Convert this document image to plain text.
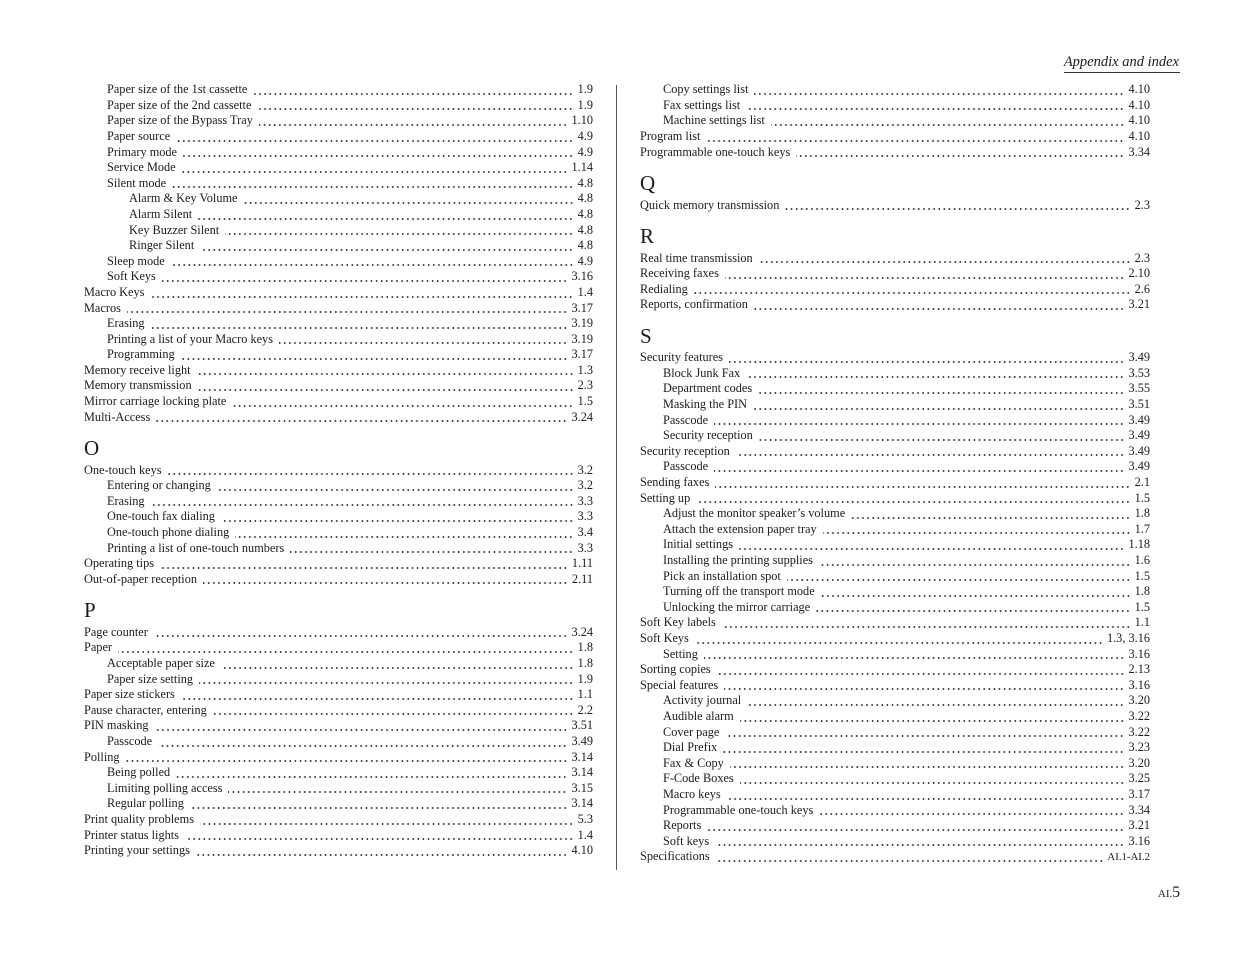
Appendix and index
Paper size of the 1st cassette	1.9
Paper size of the 2nd cassette	1.9
Paper size of the Bypass Tray	1.10
Paper source	4.9
Primary mode	4.9
Service Mode	1.14
Silent mode	4.8
Alarm & Key Volume	4.8
Alarm Silent	4.8
Key Buzzer Silent	4.8
Ringer Silent	4.8
Sleep mode	4.9
Soft Keys	3.16
Macro Keys	1.4
Macros	3.17
Erasing	3.19
Printing a list of your Macro keys	3.19
Programming	3.17
Memory receive light	1.3
Memory transmission	2.3
Mirror carriage locking plate	1.5
Multi-Access	3.24
O
One-touch keys	3.2
Entering or changing	3.2
Erasing	3.3
One-touch fax dialing	3.3
One-touch phone dialing	3.4
Printing a list of one-touch numbers	3.3
Operating tips	1.11
Out-of-paper reception	2.11
P
Page counter	3.24
Paper	1.8
Acceptable paper size	1.8
Paper size setting	1.9
Paper size stickers	1.1
Pause character, entering	2.2
PIN masking	3.51
Passcode	3.49
Polling	3.14
Being polled	3.14
Limiting polling access	3.15
Regular polling	3.14
Print quality problems	5.3
Printer status lights	1.4
Printing your settings	4.10
Copy settings list	4.10
Fax settings list	4.10
Machine settings list	4.10
Program list	4.10
Programmable one-touch keys	3.34
Q
Quick memory transmission	2.3
R
Real time transmission	2.3
Receiving faxes	2.10
Redialing	2.6
Reports, confirmation	3.21
S
Security features	3.49
Block Junk Fax	3.53
Department codes	3.55
Masking the PIN	3.51
Passcode	3.49
Security reception	3.49
Security reception	3.49
Passcode	3.49
Sending faxes	2.1
Setting up	1.5
Adjust the monitor speaker’s volume	1.8
Attach the extension paper tray	1.7
Initial settings	1.18
Installing the printing supplies	1.6
Pick an installation spot	1.5
Turning off the transport mode	1.8
Unlocking the mirror carriage	1.5
Soft Key labels	1.1
Soft Keys	1.3, 3.16
Setting	3.16
Sorting copies	2.13
Special features	3.16
Activity journal	3.20
Audible alarm	3.22
Cover page	3.22
Dial Prefix	3.23
Fax & Copy	3.20
F-Code Boxes	3.25
Macro keys	3.17
Programmable one-touch keys	3.34
Reports	3.21
Soft keys	3.16
Specifications	AI.1-AI.2
AI.5
